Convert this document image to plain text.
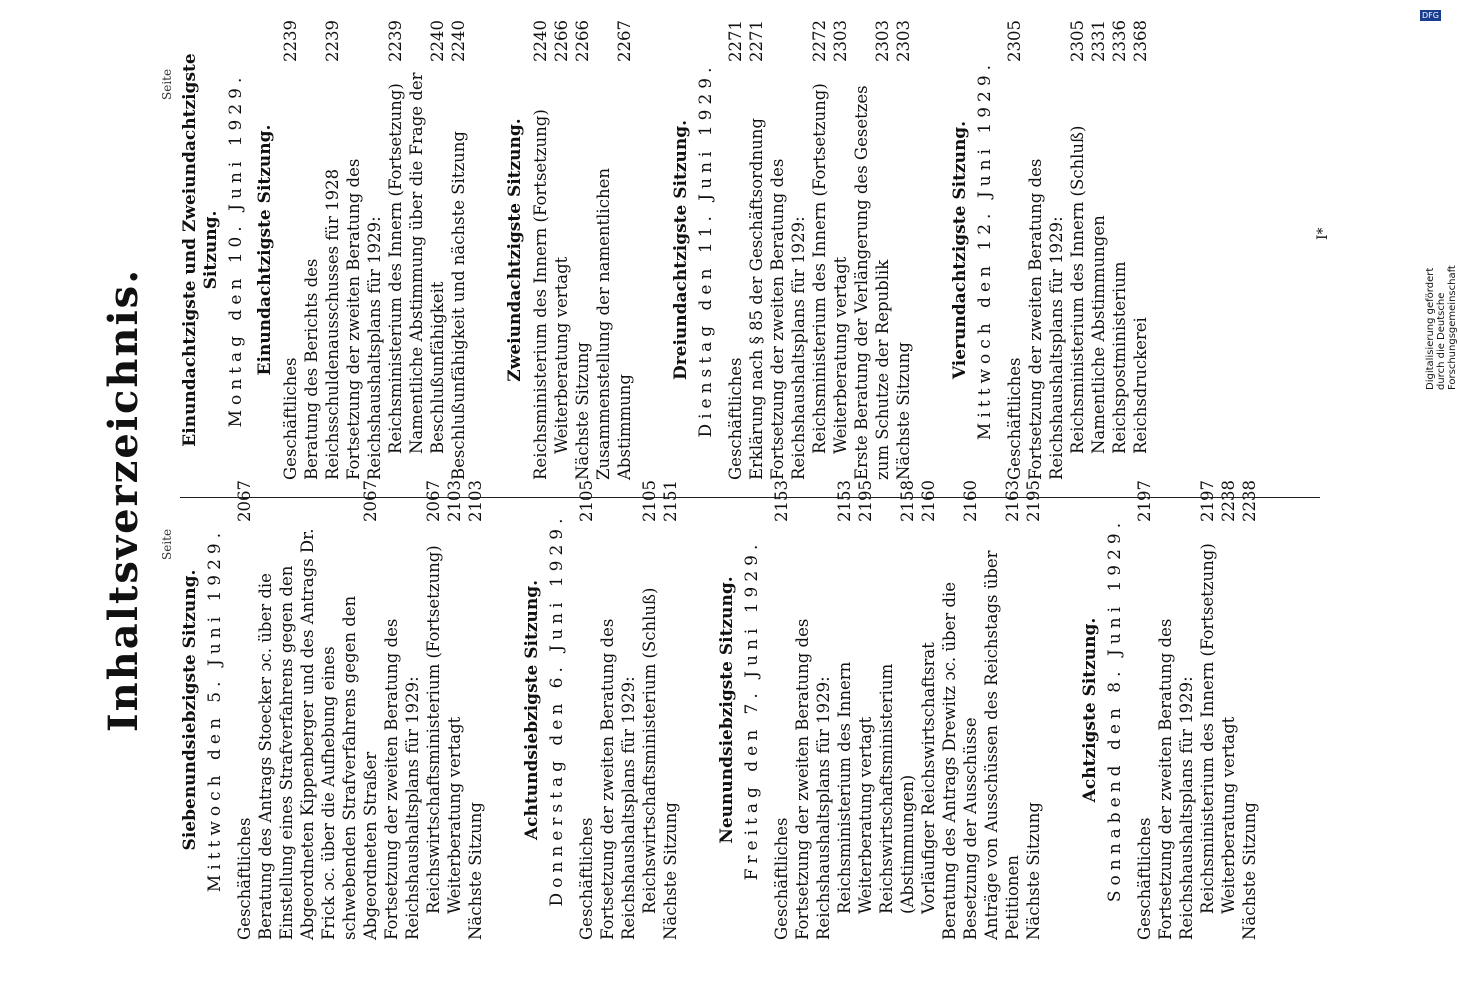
Inhaltsverzeichnis. Seite
Seite
Siebenundsiebzigste Sitzung. Mittwoch den 5. Juni 1929. Geschäftliches
2067
Beratung des Antrags Stoecker ɔc. über die Einstellung eines Strafverfahrens gegen den Abgeordneten Kippenberger und des Antrags Dr. Frick ɔc. über die Aufhebung eines schwebenden Strafverfahrens gegen den Abgeordneten Straßer
2067
Fortsetzung der zweiten Beratung des Reichshaushaltsplans für 1929: Reichswirtschaftsministerium (Fortsetzung)
2067
Weiterberatung vertagt
2103
Nächste Sitzung
2103
Achtundsiebzigste Sitzung. Donnerstag den 6. Juni 1929. Geschäftliches
2105
Fortsetzung der zweiten Beratung des Reichshaushaltsplans für 1929: Reichswirtschaftsministerium (Schluß)
2105
Nächste Sitzung
2151
Neunundsiebzigste Sitzung. Freitag den 7. Juni 1929. Geschäftliches
2153
Fortsetzung der zweiten Beratung des Reichshaushaltsplans für 1929: Reichsministerium des Innern
2153
Weiterberatung vertagt
2195
Reichswirtschaftsministerium (Abstimmungen)
2158
Vorläufiger Reichswirtschaftsrat
2160
Beratung des Antrags Drewitz ɔc. über die Besetzung der Ausschüsse
2160
Anträge von Ausschüssen des Reichstags über Petitionen
2163
Nächste Sitzung
2195
Achtzigste Sitzung. Sonnabend den 8. Juni 1929. Geschäftliches
2197
Fortsetzung der zweiten Beratung des Reichshaushaltsplans für 1929: Reichsministerium des Innern (Fortsetzung)
2197
Weiterberatung vertagt
2238
Nächste Sitzung
2238
Einundachtzigste und Zweiundachtzigste Sitzung. Montag den 10. Juni 1929. Einundachtzigste Sitzung.
Geschäftliches
2239
Beratung des Berichts des Reichsschuldenausschusses für 1928
2239
Fortsetzung der zweiten Beratung des Reichshaushaltsplans für 1929: Reichsministerium des Innern (Fortsetzung)
2239
Namentliche Abstimmung über die Frage der Beschlußunfähigkeit
2240
Beschlußunfähigkeit und nächste Sitzung
2240
Zweiundachtzigste Sitzung. Reichsministerium des Innern (Fortsetzung)
2240
Weiterberatung vertagt
2266
Nächste Sitzung
2266
Zusammenstellung der namentlichen Abstimmung
2267
Dreiundachtzigste Sitzung. Dienstag den 11. Juni 1929. Geschäftliches
2271
Erklärung nach § 85 der Geschäftsordnung
2271
Fortsetzung der zweiten Beratung des Reichshaushaltsplans für 1929: Reichsministerium des Innern (Fortsetzung)
2272
Weiterberatung vertagt
2303
Erste Beratung der Verlängerung des Gesetzes zum Schutze der Republik
2303
Nächste Sitzung
2303
Vierundachtzigste Sitzung. Mittwoch den 12. Juni 1929. Geschäftliches
2305
Fortsetzung der zweiten Beratung des Reichshaushaltsplans für 1929: Reichsministerium des Innern (Schluß)
2305
Namentliche Abstimmungen
2331
Reichspostministerium
2336
Reichsdruckerei
2368
I*
Digitalisierung gefördert durch die Deutsche Forschungsgemeinschaft
DFG
